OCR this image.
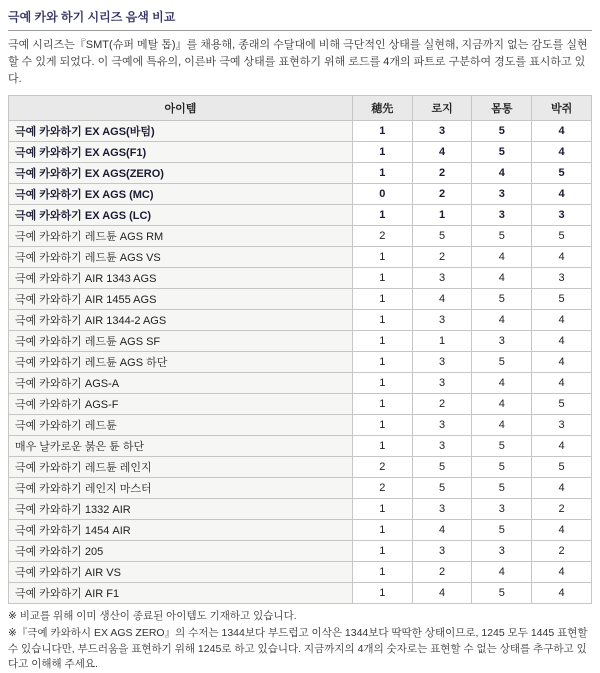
극예 카와 하기 시리즈 음색 비교

극예 시리즈는『SMT(슈퍼 메탈 톱)』를 채용해, 종래의 수달대에 비해 극단적인 상태를 실현해, 지금까지 없는 감도를 실현할 수 있게 되었다. 이 극예에 특유의, 이른바 극예 상태를 표현하기 위해 로드를 4개의 파트로 구분하여 경도를 표시하고 있다.

아이템	穂先	로지	몸통	박쥐
극예 카와하기 EX AGS(바텀)	1	3	5	4
극예 카와하기 EX AGS(F1)	1	4	5	4
극예 카와하기 EX AGS(ZERO)	1	2	4	5
극예 카와하기 EX AGS (MC)	0	2	3	4
극예 카와하기 EX AGS (LC)	1	1	3	3
극예 카와하기 레드튠 AGS RM	2	5	5	5
극예 카와하기 레드튠 AGS VS	1	2	4	4
극예 카와하기 AIR 1343 AGS	1	3	4	3
극예 카와하기 AIR 1455 AGS	1	4	5	5
극예 카와하기 AIR 1344-2 AGS	1	3	4	4
극예 카와하기 레드튠 AGS SF	1	1	3	4
극예 카와하기 레드튠 AGS 하단	1	3	5	4
극예 카와하기 AGS-A	1	3	4	4
극예 카와하기 AGS-F	1	2	4	5
극예 카와하기 레드튠	1	3	4	3
매우 날카로운 붉은 튠 하단	1	3	5	4
극예 카와하기 레드튠 레인지	2	5	5	5
극예 카와하기 레인지 마스터	2	5	5	4
극예 카와하기 1332 AIR	1	3	3	2
극예 카와하기 1454 AIR	1	4	5	4
극예 카와하기 205	1	3	3	2
극예 카와하기 AIR VS	1	2	4	4
극예 카와하기 AIR F1	1	4	5	4

※ 비교를 위해 이미 생산이 종료된 아이템도 기재하고 있습니다.

※『극예 카와하시 EX AGS ZERO』의 수저는 1344보다 부드럽고 이삭은 1344보다 딱딱한 상태이므로, 1245 모두 1445 표현할 수 있습니다만, 부드러움을 표현하기 위해 1245로 하고 있습니다. 지금까지의 4개의 숫자로는 표현할 수 없는 상태를 추구하고 있다고 이해해 주세요.
